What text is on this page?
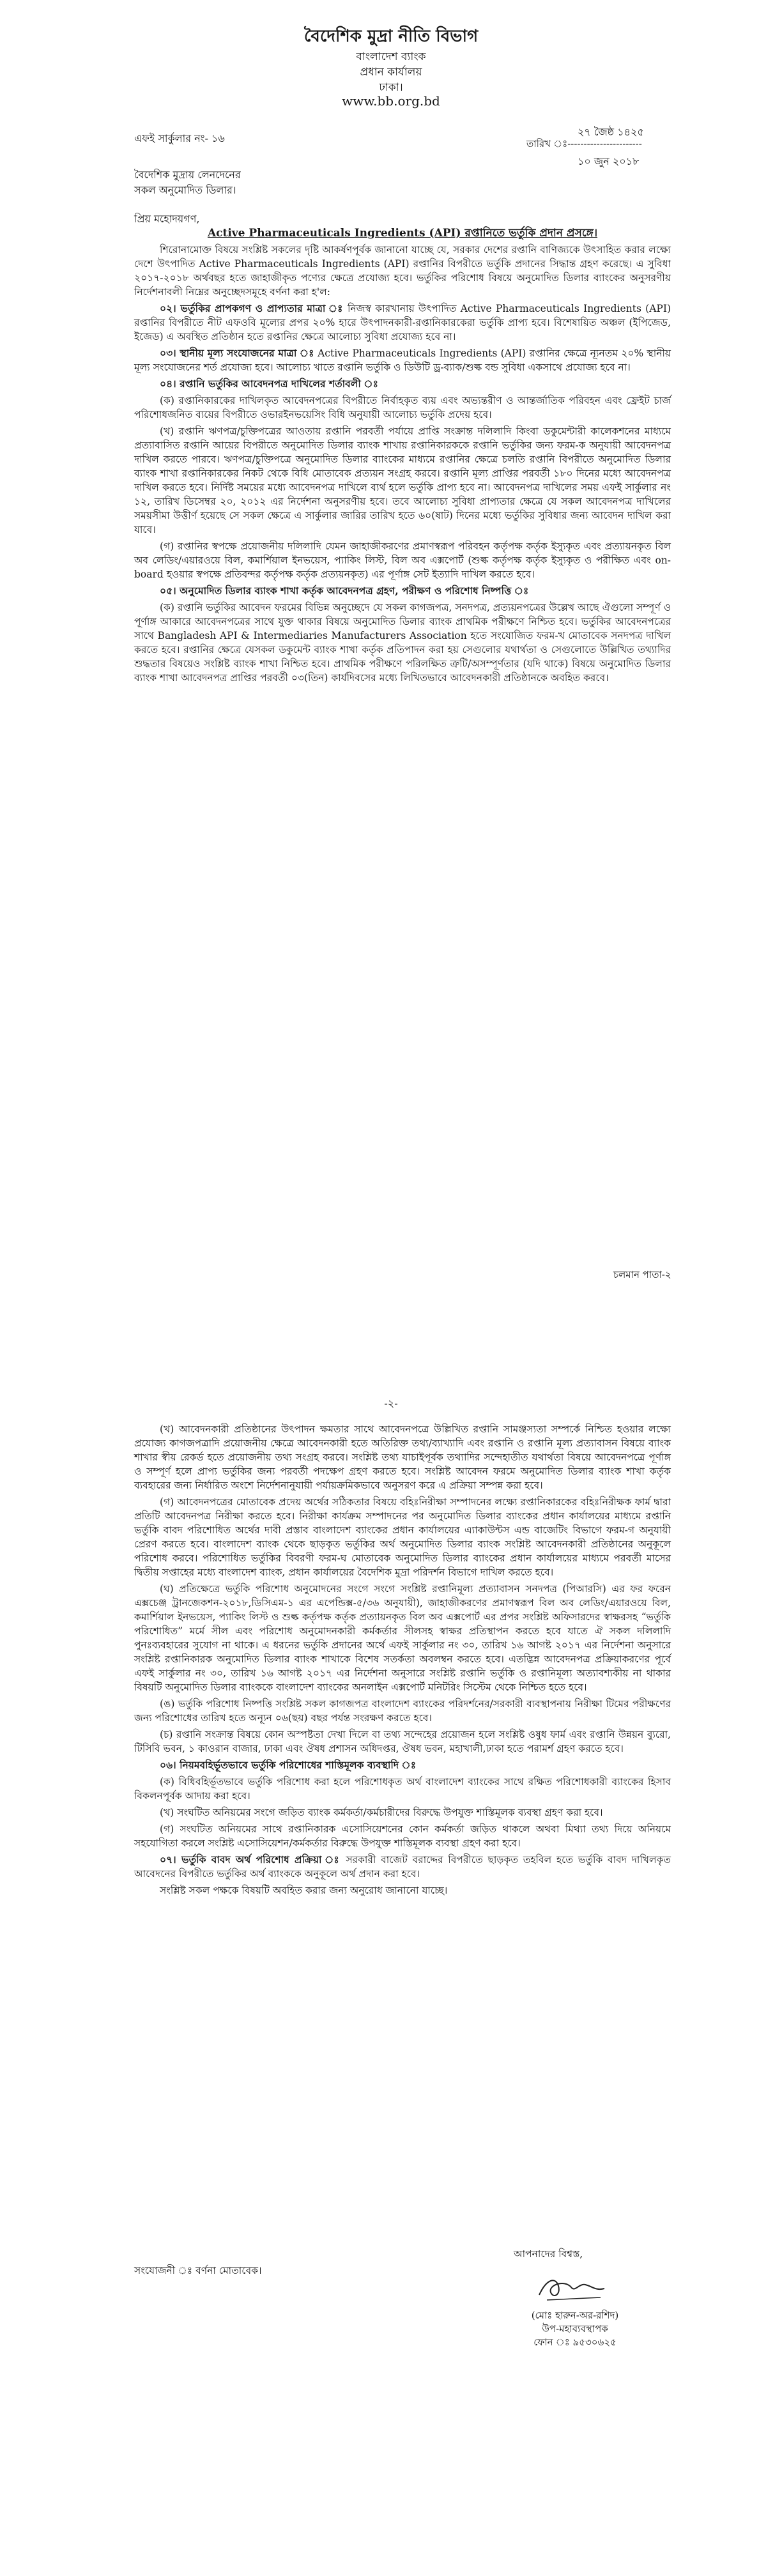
বৈদেশিক মুদ্রা নীতি বিভাগ
বাংলাদেশ ব্যাংক
প্রধান কার্যালয়
ঢাকা।
www.bb.org.bd
এফই সার্কুলার নং- ১৬
২৭ জৈষ্ঠ ১৪২৫
তারিখ ঃ-----------------------
১০ জুন ২০১৮
বৈদেশিক মুদ্রায় লেনদেনের
সকল অনুমোদিত ডিলার।
প্রিয় মহোদয়গণ,
Active Pharmaceuticals Ingredients (API) রপ্তানিতে ভর্তুকি প্রদান প্রসঙ্গে।

শিরোনামোক্ত বিষয়ে সংশ্লিষ্ট সকলের দৃষ্টি আকর্ষণপূর্বক জানানো যাচ্ছে যে, সরকার দেশের রপ্তানি বাণিজ্যকে উৎসাহিত করার লক্ষ্যে দেশে উৎপাদিত Active Pharmaceuticals Ingredients (API) রপ্তানির বিপরীতে ভর্তুকি প্রদানের সিদ্ধান্ত গ্রহণ করেছে। এ সুবিধা ২০১৭-২০১৮ অর্থবছর হতে জাহাজীকৃত পণ্যের ক্ষেত্রে প্রযোজ্য হবে। ভর্তুকির পরিশোধ বিষয়ে অনুমোদিত ডিলার ব্যাংকের অনুসরণীয় নির্দেশনাবলী নিম্নের অনুচ্ছেদসমূহে বর্ণনা করা হ'ল:

০২। ভর্তুকির প্রাপকগণ ও প্রাপ্যতার মাত্রা ঃ নিজস্ব কারখানায় উৎপাদিত Active Pharmaceuticals Ingredients (API) রপ্তানির বিপরীতে নীট এফওবি মূল্যের প্রপর ২০% হারে উৎপাদনকারী-রপ্তানিকারকেরা ভর্তুকি প্রাপ্য হবে। বিশেষায়িত অঞ্চল (ইপিজেড, ইজেড) এ অবস্থিত প্রতিষ্ঠান হতে রপ্তানির ক্ষেত্রে আলোচ্য সুবিধা প্রযোজ্য হবে না।

০৩। স্থানীয় মূল্য সংযোজনের মাত্রা ঃ Active Pharmaceuticals Ingredients (API) রপ্তানির ক্ষেত্রে ন্যূনতম ২০% স্থানীয় মূল্য সংযোজনের শর্ত প্রযোজ্য হবে। আলোচ্য খাতে রপ্তানি ভর্তুকি ও ডিউটি ড্র-ব্যাক/শুল্ক বন্ড সুবিধা একসাথে প্রযোজ্য হবে না।

০৪। রপ্তানি ভর্তুকির আবেদনপত্র দাখিলের শর্তাবলী ঃ

(ক) রপ্তানিকারকের দাখিলকৃত আবেদনপত্রের বিপরীতে নির্বাহকৃত ব্যয় এবং অভ্যন্তরীণ ও আন্তর্জাতিক পরিবহন এবং ফ্রেইট চার্জ পরিশোধজনিত ব্যয়ের বিপরীতে ওভারইনভয়েসিং বিধি অনুযায়ী আলোচ্য ভর্তুকি প্রদেয় হবে।

(খ) রপ্তানি ঋণপত্র/চুক্তিপত্রের আওতায় রপ্তানি পরবর্তী পর্যায়ে প্রাপ্তি সংক্রান্ত দলিলাদি কিংবা ডকুমেন্টারী কালেকশনের মাধ্যমে প্রত্যাবাসিত রপ্তানি আয়ের বিপরীতে অনুমোদিত ডিলার ব্যাংক শাখায় রপ্তানিকারককে রপ্তানি ভর্তুকির জন্য ফরম-ক অনুযায়ী আবেদনপত্র দাখিল করতে পারবে। ঋণপত্র/চুক্তিপত্রে অনুমোদিত ডিলার ব্যাংকের মাধ্যমে রপ্তানির ক্ষেত্রে চলতি রপ্তানি বিপরীতে অনুমোদিত ডিলার ব্যাংক শাখা রপ্তানিকারকের নিকট থেকে বিধি মোতাবেক প্রত্যয়ন সংগ্রহ করবে। রপ্তানি মূল্য প্রাপ্তির পরবর্তী ১৮০ দিনের মধ্যে আবেদনপত্র দাখিল করতে হবে। নির্দিষ্ট সময়ের মধ্যে আবেদনপত্র দাখিলে ব্যর্থ হলে ভর্তুকি প্রাপ্য হবে না। আবেদনপত্র দাখিলের সময় এফই সার্কুলার নং ১২, তারিখ ডিসেম্বর ২০, ২০১২ এর নির্দেশনা অনুসরণীয় হবে। তবে আলোচ্য সুবিধা প্রাপ্যতার ক্ষেত্রে যে সকল আবেদনপত্র দাখিলের সময়সীমা উত্তীর্ণ হয়েছে সে সকল ক্ষেত্রে এ সার্কুলার জারির তারিখ হতে ৬০(ষাট) দিনের মধ্যে ভর্তুকির সুবিধার জন্য আবেদন দাখিল করা যাবে।

(গ) রপ্তানির স্বপক্ষে প্রয়োজনীয় দলিলাদি যেমন জাহাজীকরণের প্রমাণস্বরূপ পরিবহন কর্তৃপক্ষ কর্তৃক ইস্যুকৃত এবং প্রত্যায়নকৃত বিল অব লেডিং/এয়ারওয়ে বিল, কমার্শিয়াল ইনভয়েস, প্যাকিং লিস্ট, বিল অব এক্সপোর্ট (শুল্ক কর্তৃপক্ষ কর্তৃক ইস্যুকৃত ও পরীক্ষিত এবং on-board হওয়ার স্বপক্ষে প্রতিবন্দর কর্তৃপক্ষ কর্তৃক প্রত্যয়নকৃত) এর পূর্ণাঙ্গ সেট ইত্যাদি দাখিল করতে হবে।

০৫। অনুমোদিত ডিলার ব্যাংক শাখা কর্তৃক আবেদনপত্র গ্রহণ, পরীক্ষণ ও পরিশোধ নিষ্পত্তি ঃ

(ক) রপ্তানি ভর্তুকির আবেদন ফরমের বিভিন্ন অনুচ্ছেদে যে সকল কাগজপত্র, সনদপত্র, প্রত্যয়নপত্রের উল্লেখ আছে ঐগুলো সম্পূর্ণ ও পূর্ণাঙ্গ আকারে আবেদনপত্রের সাথে যুক্ত থাকার বিষয়ে অনুমোদিত ডিলার ব্যাংক প্রাথমিক পরীক্ষণে নিশ্চিত হবে। ভর্তুকির আবেদনপত্রের সাথে Bangladesh API & Intermediaries Manufacturers Association হতে সংযোজিত ফরম-খ মোতাবেক সনদপত্র দাখিল করতে হবে। রপ্তানির ক্ষেত্রে যেসকল ডকুমেন্ট ব্যাংক শাখা কর্তৃক প্রতিপাদন করা হয় সেগুলোর যথার্থতা ও সেগুলোতে উল্লিখিত তথ্যাদির শুদ্ধতার বিষয়েও সংশ্লিষ্ট ব্যাংক শাখা নিশ্চিত হবে। প্রাথমিক পরীক্ষণে পরিলক্ষিত ত্রুটি/অসম্পূর্ণতার (যদি থাকে) বিষয়ে অনুমোদিত ডিলার ব্যাংক শাখা আবেদনপত্র প্রাপ্তির পরবর্তী ০৩(তিন) কার্যদিবসের মধ্যে লিখিতভাবে আবেদনকারী প্রতিষ্ঠানকে অবহিত করবে।

চলমান পাতা-২
-২-

(খ) আবেদনকারী প্রতিষ্ঠানের উৎপাদন ক্ষমতার সাথে আবেদনপত্রে উল্লিখিত রপ্তানি সামঞ্জস্যতা সম্পর্কে নিশ্চিত হওয়ার লক্ষ্যে প্রযোজ্য কাগজপত্রাদি প্রয়োজনীয় ক্ষেত্রে আবেদনকারী হতে অতিরিক্ত তথ্য/ব্যাখ্যাদি এবং রপ্তানি ও রপ্তানি মূল্য প্রত্যাবাসন বিষয়ে ব্যাংক শাখার স্বীয় রেকর্ড হতে প্রয়োজনীয় তথ্য সংগ্রহ করবে। সংশ্লিষ্ট তথ্য যাচাইপূর্বক তথ্যাদির সন্দেহাতীত যথার্থতা বিষয়ে আবেদনপত্রে পূর্ণাঙ্গ ও সম্পূর্ণ হলে প্রাপ্য ভর্তুকির জন্য পরবর্তী পদক্ষেপ গ্রহণ করতে হবে। সংশ্লিষ্ট আবেদন ফরমে অনুমোদিত ডিলার ব্যাংক শাখা কর্তৃক ব্যবহারের জন্য নির্ধারিত অংশে নির্দেশনানুযায়ী পর্যায়ক্রমিকভাবে অনুসরণ করে এ প্রক্রিয়া সম্পন্ন করা হবে।

(গ) আবেদনপত্রের মোতাবেক প্রদেয় অর্থের সঠিকতার বিষয়ে বহিঃনিরীক্ষা সম্পাদনের লক্ষ্যে রপ্তানিকারকের বহিঃনিরীক্ষক ফার্ম দ্বারা প্রতিটি আবেদনপত্র নিরীক্ষা করতে হবে। নিরীক্ষা কার্যক্রম সম্পাদনের পর অনুমোদিত ডিলার ব্যাংকের প্রধান কার্যালয়ের মাধ্যমে রপ্তানি ভর্তুকি বাবদ পরিশোধিত অর্থের দাবী প্রস্তাব বাংলাদেশ ব্যাংকের প্রধান কার্যালয়ের এ্যাকাউন্টস এন্ড বাজেটিং বিভাগে ফরম-গ অনুযায়ী প্রেরণ করতে হবে। বাংলাদেশ ব্যাংক থেকে ছাড়কৃত ভর্তুকির অর্থ অনুমোদিত ডিলার ব্যাংক সংশ্লিষ্ট আবেদনকারী প্রতিষ্ঠানের অনুকূলে পরিশোধ করবে। পরিশোধিত ভর্তুকির বিবরণী ফরম-ঘ মোতাবেক অনুমোদিত ডিলার ব্যাংকের প্রধান কার্যালয়ের মাধ্যমে পরবর্তী মাসের দ্বিতীয় সপ্তাহের মধ্যে বাংলাদেশ ব্যাংক, প্রধান কার্যালয়ের বৈদেশিক মুদ্রা পরিদর্শন বিভাগে দাখিল করতে হবে।

(ঘ) প্রতিক্ষেত্রে ভর্তুকি পরিশোধ অনুমোদনের সংগে সংগে সংশ্লিষ্ট রপ্তানিমূল্য প্রত্যাবাসন সনদপত্র (পিআরসি) এর ফর ফরেন এক্সচেঞ্জ ট্রানজেকশন-২০১৮,ডিসিএম-১ এর এপেন্ডিক্স-৫/৩৬ অনুযায়ী), জাহাজীকরণের প্রমাণস্বরূপ বিল অব লেডিং/এয়ারওয়ে বিল, কমার্শিয়াল ইনভয়েস, প্যাকিং লিস্ট ও শুল্ক কর্তৃপক্ষ কর্তৃক প্রত্যায়নকৃত বিল অব এক্সপোর্ট এর প্রপর সংশ্লিষ্ট অফিসারদের স্বাক্ষরসহ “ভর্তুকি পরিশোধিত” মর্মে সীল এবং পরিশোধ অনুমোদনকারী কর্মকর্তার সীলসহ স্বাক্ষর প্রতিস্থাপন করতে হবে যাতে ঐ সকল দলিলাদি পুনঃব্যবহারের সুযোগ না থাকে। এ ধরনের ভর্তুকি প্রদানের অর্থে এফই সার্কুলার নং ৩০, তারিখ ১৬ আগষ্ট ২০১৭ এর নির্দেশনা অনুসারে সংশ্লিষ্ট রপ্তানিকারক অনুমোদিত ডিলার ব্যাংক শাখাকে বিশেষ সতর্কতা অবলম্বন করতে হবে। এতদ্ভিন্ন আবেদনপত্র প্রক্রিয়াকরণের পূর্বে এফই সার্কুলার নং ৩০, তারিখ ১৬ আগষ্ট ২০১৭ এর নির্দেশনা অনুসারে সংশ্লিষ্ট রপ্তানি ভর্তুকি ও রপ্তানিমূল্য অত্যাবশ্যকীয় না থাকার বিষয়টি অনুমোদিত ডিলার ব্যাংককে বাংলাদেশ ব্যাংকের অনলাইন এক্সপোর্ট মনিটরিং সিস্টেম থেকে নিশ্চিত হতে হবে।

(ঙ) ভর্তুকি পরিশোধ নিষ্পত্তি সংশ্লিষ্ট সকল কাগজপত্র বাংলাদেশ ব্যাংকের পরিদর্শনের/সরকারী ব্যবস্থাপনায় নিরীক্ষা টিমের পরীক্ষণের জন্য পরিশোধের তারিখ হতে অন্যূন ০৬(ছয়) বছর পর্যন্ত সংরক্ষণ করতে হবে।

(চ) রপ্তানি সংক্রান্ত বিষয়ে কোন অস্পষ্টতা দেখা দিলে বা তথ্য সন্দেহের প্রয়োজন হলে সংশ্লিষ্ট ওষুধ ফার্ম এবং রপ্তানি উন্নয়ন ব্যুরো, টিসিবি ভবন, ১ কাওরান বাজার, ঢাকা এবং ঔষধ প্রশাসন অধিদপ্তর, ঔষধ ভবন, মহাখালী,ঢাকা হতে পরামর্শ গ্রহণ করতে হবে।

০৬। নিয়মবহির্ভূতভাবে ভর্তুকি পরিশোধের শাস্তিমূলক ব্যবস্থাদি ঃ

(ক) বিধিবহির্ভূতভাবে ভর্তুকি পরিশোধ করা হলে পরিশোধকৃত অর্থ বাংলাদেশ ব্যাংকের সাথে রক্ষিত পরিশোধকারী ব্যাংকের হিসাব বিকলনপূর্বক আদায় করা হবে।

(খ) সংঘটিত অনিয়মের সংগে জড়িত ব্যাংক কর্মকর্তা/কর্মচারীদের বিরুদ্ধে উপযুক্ত শাস্তিমূলক ব্যবস্থা গ্রহণ করা হবে।

(গ) সংঘটিত অনিয়মের সাথে রপ্তানিকারক এসোসিয়েশনের কোন কর্মকর্তা জড়িত থাকলে অথবা মিথ্যা তথ্য দিয়ে অনিয়মে সহযোগিতা করলে সংশ্লিষ্ট এসোসিয়েশন/কর্মকর্তার বিরুদ্ধে উপযুক্ত শাস্তিমূলক ব্যবস্থা গ্রহণ করা হবে।

০৭। ভর্তুকি বাবদ অর্থ পরিশোধ প্রক্রিয়া ঃ সরকারী বাজেট বরাদ্দের বিপরীতে ছাড়কৃত তহবিল হতে ভর্তুকি বাবদ দাখিলকৃত আবেদনের বিপরীতে ভর্তুকির অর্থ ব্যাংককে অনুকূলে অর্থ প্রদান করা হবে।

সংশ্লিষ্ট সকল পক্ষকে বিষয়টি অবহিত করার জন্য অনুরোধ জানানো যাচ্ছে।

সংযোজনী ঃ বর্ণনা মোতাবেক।
আপনাদের বিশ্বস্ত,
(মোঃ হারুন-অর-রশিদ)
উপ-মহাব্যবস্থাপক
ফোন ঃ ৯৫৩০৬২৫
